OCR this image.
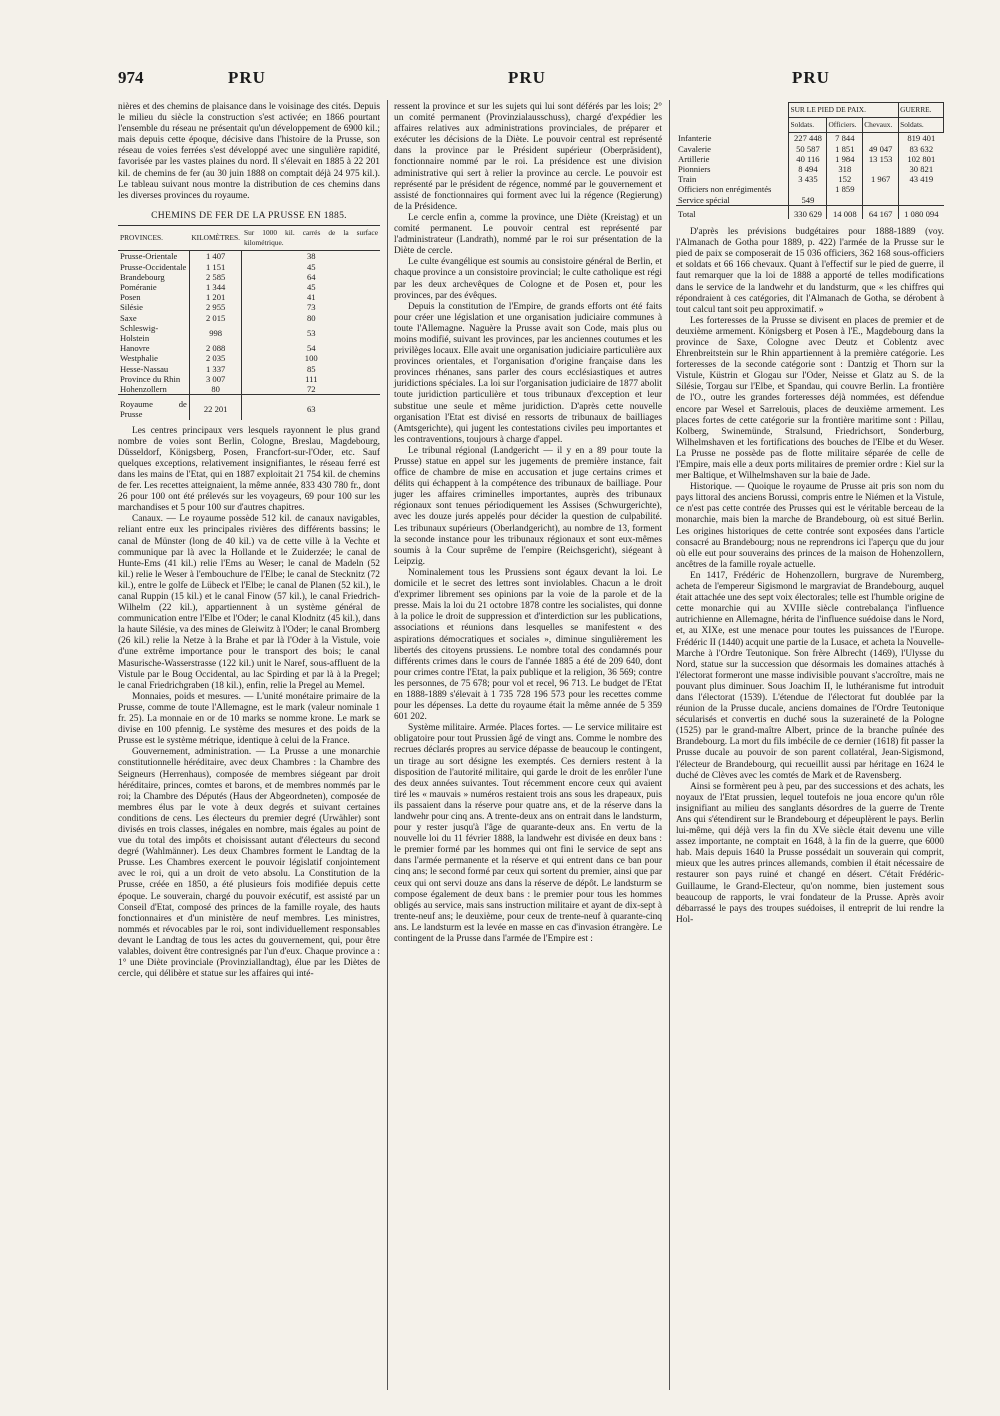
974	PRU	PRU	PRU

nières et des chemins de plaisance dans le voisinage des cités. Depuis le milieu du siècle la construction s'est activée; en 1866 pourtant l'ensemble du réseau ne présentait qu'un développement de 6900 kil.; mais depuis cette époque, décisive dans l'histoire de la Prusse, son réseau de voies ferrées s'est développé avec une singulière rapidité, favorisée par les vastes plaines du nord. Il s'élevait en 1885 à 22 201 kil. de chemins de fer (au 30 juin 1888 on comptait déjà 24 975 kil.). Le tableau suivant nous montre la distribution de ces chemins dans les diverses provinces du royaume.

CHEMINS DE FER DE LA PRUSSE EN 1885.
PROVINCES.	KILOMÈTRES.	Sur 1000 kil. carrés de la surface kilométrique.
Prusse-Orientale	1 407	38
Prusse-Occidentale	1 151	45
Brandebourg	2 585	64
Poméranie	1 344	45
Posen	1 201	41
Silésie	2 955	73
Saxe	2 015	80
Schleswig-Holstein	998	53
Hanovre	2 088	54
Westphalie	2 035	100
Hesse-Nassau	1 337	85
Province du Rhin	3 007	111
Hohenzollern	80	72
Royaume de Prusse	22 201	63

Les centres principaux vers lesquels rayonnent le plus grand nombre de voies sont Berlin, Cologne, Breslau, Magdebourg, Düsseldorf, Königsberg, Posen, Francfort-sur-l'Oder, etc. Sauf quelques exceptions, relativement insignifiantes, le réseau ferré est dans les mains de l'Etat, qui en 1887 exploitait 21 754 kil. de chemins de fer. Les recettes atteignaient, la même année, 833 430 780 fr., dont 26 pour 100 ont été prélevés sur les voyageurs, 69 pour 100 sur les marchandises et 5 pour 100 sur d'autres chapitres.

Canaux. — Le royaume possède 512 kil. de canaux navigables, reliant entre eux les principales rivières des différents bassins; le canal de Münster (long de 40 kil.) va de cette ville à la Vechte et communique par là avec la Hollande et le Zuiderzée; le canal de Hunte-Ems (41 kil.) relie l'Ems au Weser; le canal de Madeln (52 kil.) relie le Weser à l'embouchure de l'Elbe; le canal de Stecknitz (72 kil.), entre le golfe de Lübeck et l'Elbe; le canal de Planen (52 kil.), le canal Ruppin (15 kil.) et le canal Finow (57 kil.), le canal Friedrich-Wilhelm (22 kil.), appartiennent à un système général de communication entre l'Elbe et l'Oder; le canal Klodnitz (45 kil.), dans la haute Silésie, va des mines de Gleiwitz à l'Oder; le canal Bromberg (26 kil.) relie la Netze à la Brahe et par là l'Oder à la Vistule, voie d'une extrême importance pour le transport des bois; le canal Masurische-Wasserstrasse (122 kil.) unit le Naref, sous-affluent de la Vistule par le Boug Occidental, au lac Spirding et par là à la Pregel; le canal Friedrichgraben (18 kil.), enfin, relie la Pregel au Memel.

Monnaies, poids et mesures. — L'unité monétaire primaire de la Prusse, comme de toute l'Allemagne, est le mark (valeur nominale 1 fr. 25). La monnaie en or de 10 marks se nomme krone. Le mark se divise en 100 pfennig. Le système des mesures et des poids de la Prusse est le système métrique, identique à celui de la France.

Gouvernement, administration. — La Prusse a une monarchie constitutionnelle héréditaire, avec deux Chambres : la Chambre des Seigneurs (Herrenhaus), composée de membres siégeant par droit héréditaire, princes, comtes et barons, et de membres nommés par le roi; la Chambre des Députés (Haus der Abgeordneten), composée de membres élus par le vote à deux degrés et suivant certaines conditions de cens. Les électeurs du premier degré (Urwähler) sont divisés en trois classes, inégales en nombre, mais égales au point de vue du total des impôts et choisissant autant d'électeurs du second degré (Wahlmänner). Les deux Chambres forment le Landtag de la Prusse. Les Chambres exercent le pouvoir législatif conjointement avec le roi, qui a un droit de veto absolu. La Constitution de la Prusse, créée en 1850, a été plusieurs fois modifiée depuis cette époque. Le souverain, chargé du pouvoir exécutif, est assisté par un Conseil d'Etat, composé des princes de la famille royale, des hauts fonctionnaires et d'un ministère de neuf membres. Les ministres, nommés et révocables par le roi, sont individuellement responsables devant le Landtag de tous les actes du gouvernement, qui, pour être valables, doivent être contresignés par l'un d'eux. Chaque province a : 1° une Diète provinciale (Provinziallandtag), élue par les Diètes de cercle, qui délibère et statue sur les affaires qui inté-

ressent la province et sur les sujets qui lui sont déférés par les lois; 2° un comité permanent (Provinzialausschuss), chargé d'expédier les affaires relatives aux administrations provinciales, de préparer et exécuter les décisions de la Diète. Le pouvoir central est représenté dans la province par le Président supérieur (Oberpräsident), fonctionnaire nommé par le roi. La présidence est une division administrative qui sert à relier la province au cercle. Le pouvoir est représenté par le président de régence, nommé par le gouvernement et assisté de fonctionnaires qui forment avec lui la régence (Regierung) de la Présidence.

Le cercle enfin a, comme la province, une Diète (Kreistag) et un comité permanent. Le pouvoir central est représenté par l'administrateur (Landrath), nommé par le roi sur présentation de la Diète de cercle.

Le culte évangélique est soumis au consistoire général de Berlin, et chaque province a un consistoire provincial; le culte catholique est régi par les deux archevêques de Cologne et de Posen et, pour les provinces, par des évêques.

Depuis la constitution de l'Empire, de grands efforts ont été faits pour créer une législation et une organisation judiciaire communes à toute l'Allemagne. Naguère la Prusse avait son Code, mais plus ou moins modifié, suivant les provinces, par les anciennes coutumes et les privilèges locaux. Elle avait une organisation judiciaire particulière aux provinces orientales, et l'organisation d'origine française dans les provinces rhénanes, sans parler des cours ecclésiastiques et autres juridictions spéciales. La loi sur l'organisation judiciaire de 1877 abolit toute juridiction particulière et tous tribunaux d'exception et leur substitue une seule et même juridiction. D'après cette nouvelle organisation l'Etat est divisé en ressorts de tribunaux de bailliages (Amtsgerichte), qui jugent les contestations civiles peu importantes et les contraventions, toujours à charge d'appel.

Le tribunal régional (Landgericht — il y en a 89 pour toute la Prusse) statue en appel sur les jugements de première instance, fait office de chambre de mise en accusation et juge certains crimes et délits qui échappent à la compétence des tribunaux de bailliage. Pour juger les affaires criminelles importantes, auprès des tribunaux régionaux sont tenues périodiquement les Assises (Schwurgerichte), avec les douze jurés appelés pour décider la question de culpabilité. Les tribunaux supérieurs (Oberlandgericht), au nombre de 13, forment la seconde instance pour les tribunaux régionaux et sont eux-mêmes soumis à la Cour suprême de l'empire (Reichsgericht), siégeant à Leipzig.

Nominalement tous les Prussiens sont égaux devant la loi. Le domicile et le secret des lettres sont inviolables. Chacun a le droit d'exprimer librement ses opinions par la voie de la parole et de la presse. Mais la loi du 21 octobre 1878 contre les socialistes, qui donne à la police le droit de suppression et d'interdiction sur les publications, associations et réunions dans lesquelles se manifestent « des aspirations démocratiques et sociales », diminue singulièrement les libertés des citoyens prussiens. Le nombre total des condamnés pour différents crimes dans le cours de l'année 1885 a été de 209 640, dont pour crimes contre l'Etat, la paix publique et la religion, 36 569; contre les personnes, de 75 678; pour vol et recel, 96 713. Le budget de l'Etat en 1888-1889 s'élevait à 1 735 728 196 573 pour les recettes comme pour les dépenses. La dette du royaume était la même année de 5 359 601 202.

Système militaire. Armée. Places fortes. — Le service militaire est obligatoire pour tout Prussien âgé de vingt ans. Comme le nombre des recrues déclarés propres au service dépasse de beaucoup le contingent, un tirage au sort désigne les exemptés. Ces derniers restent à la disposition de l'autorité militaire, qui garde le droit de les enrôler l'une des deux années suivantes. Tout récemment encore ceux qui avaient tiré les « mauvais » numéros restaient trois ans sous les drapeaux, puis ils passaient dans la réserve pour quatre ans, et de la réserve dans la landwehr pour cinq ans. A trente-deux ans on entrait dans le landsturm, pour y rester jusqu'à l'âge de quarante-deux ans. En vertu de la nouvelle loi du 11 février 1888, la landwehr est divisée en deux bans : le premier formé par les hommes qui ont fini le service de sept ans dans l'armée permanente et la réserve et qui entrent dans ce ban pour cinq ans; le second formé par ceux qui sortent du premier, ainsi que par ceux qui ont servi douze ans dans la réserve de dépôt. Le landsturm se compose également de deux bans : le premier pour tous les hommes obligés au service, mais sans instruction militaire et ayant de dix-sept à trente-neuf ans; le deuxième, pour ceux de trente-neuf à quarante-cinq ans. Le landsturm est la levée en masse en cas d'invasion étrangère. Le contingent de la Prusse dans l'armée de l'Empire est :

	SUR LE PIED DE PAIX.			GUERRE.
	Soldats.	Officiers.	Chevaux.	Soldats.
Infanterie	227 448	7 844		819 401
Cavalerie	50 587	1 851	49 047	83 632
Artillerie	40 116	1 984	13 153	102 801
Pionniers	8 494	318		30 821
Train	3 435	152	1 967	43 419
Officiers non enrégimentés		1 859		
Service spécial	549			
Total	330 629	14 008	64 167	1 080 094

D'après les prévisions budgétaires pour 1888-1889 (voy. l'Almanach de Gotha pour 1889, p. 422) l'armée de la Prusse sur le pied de paix se composerait de 15 036 officiers, 362 168 sous-officiers et soldats et 66 166 chevaux. Quant à l'effectif sur le pied de guerre, il faut remarquer que la loi de 1888 a apporté de telles modifications dans le service de la landwehr et du landsturm, que « les chiffres qui répondraient à ces catégories, dit l'Almanach de Gotha, se dérobent à tout calcul tant soit peu approximatif. »

Les forteresses de la Prusse se divisent en places de premier et de deuxième armement. Königsberg et Posen à l'E., Magdebourg dans la province de Saxe, Cologne avec Deutz et Coblentz avec Ehrenbreitstein sur le Rhin appartiennent à la première catégorie. Les forteresses de la seconde catégorie sont : Dantzig et Thorn sur la Vistule, Küstrin et Glogau sur l'Oder, Neisse et Glatz au S. de la Silésie, Torgau sur l'Elbe, et Spandau, qui couvre Berlin. La frontière de l'O., outre les grandes forteresses déjà nommées, est défendue encore par Wesel et Sarrelouis, places de deuxième armement. Les places fortes de cette catégorie sur la frontière maritime sont : Pillau, Kolberg, Swinemünde, Stralsund, Friedrichsort, Sonderburg, Wilhelmshaven et les fortifications des bouches de l'Elbe et du Weser. La Prusse ne possède pas de flotte militaire séparée de celle de l'Empire, mais elle a deux ports militaires de premier ordre : Kiel sur la mer Baltique, et Wilhelmshaven sur la baie de Jade.

Historique. — Quoique le royaume de Prusse ait pris son nom du pays littoral des anciens Borussi, compris entre le Niémen et la Vistule, ce n'est pas cette contrée des Prusses qui est le véritable berceau de la monarchie, mais bien la marche de Brandebourg, où est situé Berlin. Les origines historiques de cette contrée sont exposées dans l'article consacré au Brandebourg; nous ne reprendrons ici l'aperçu que du jour où elle eut pour souverains des princes de la maison de Hohenzollern, ancêtres de la famille royale actuelle.

En 1417, Frédéric de Hohenzollern, burgrave de Nuremberg, acheta de l'empereur Sigismond le margraviat de Brandebourg, auquel était attachée une des sept voix électorales; telle est l'humble origine de cette monarchie qui au XVIIIe siècle contrebalança l'influence autrichienne en Allemagne, hérita de l'influence suédoise dans le Nord, et, au XIXe, est une menace pour toutes les puissances de l'Europe. Frédéric II (1440) acquit une partie de la Lusace, et acheta la Nouvelle-Marche à l'Ordre Teutonique. Son frère Albrecht (1469), l'Ulysse du Nord, statue sur la succession que désormais les domaines attachés à l'électorat formeront une masse indivisible pouvant s'accroître, mais ne pouvant plus diminuer. Sous Joachim II, le luthéranisme fut introduit dans l'électorat (1539). L'étendue de l'électorat fut doublée par la réunion de la Prusse ducale, anciens domaines de l'Ordre Teutonique sécularisés et convertis en duché sous la suzeraineté de la Pologne (1525) par le grand-maître Albert, prince de la branche puînée des Brandebourg. La mort du fils imbécile de ce dernier (1618) fit passer la Prusse ducale au pouvoir de son parent collatéral, Jean-Sigismond, l'électeur de Brandebourg, qui recueillit aussi par héritage en 1624 le duché de Clèves avec les comtés de Mark et de Ravensberg.

Ainsi se formèrent peu à peu, par des successions et des achats, les noyaux de l'Etat prussien, lequel toutefois ne joua encore qu'un rôle insignifiant au milieu des sanglants désordres de la guerre de Trente Ans qui s'étendirent sur le Brandebourg et dépeuplèrent le pays. Berlin lui-même, qui déjà vers la fin du XVe siècle était devenu une ville assez importante, ne comptait en 1648, à la fin de la guerre, que 6000 hab. Mais depuis 1640 la Prusse possédait un souverain qui comprit, mieux que les autres princes allemands, combien il était nécessaire de restaurer son pays ruiné et changé en désert. C'était Frédéric-Guillaume, le Grand-Electeur, qu'on nomme, bien justement sous beaucoup de rapports, le vrai fondateur de la Prusse. Après avoir débarrassé le pays des troupes suédoises, il entreprit de lui rendre la Hol-
